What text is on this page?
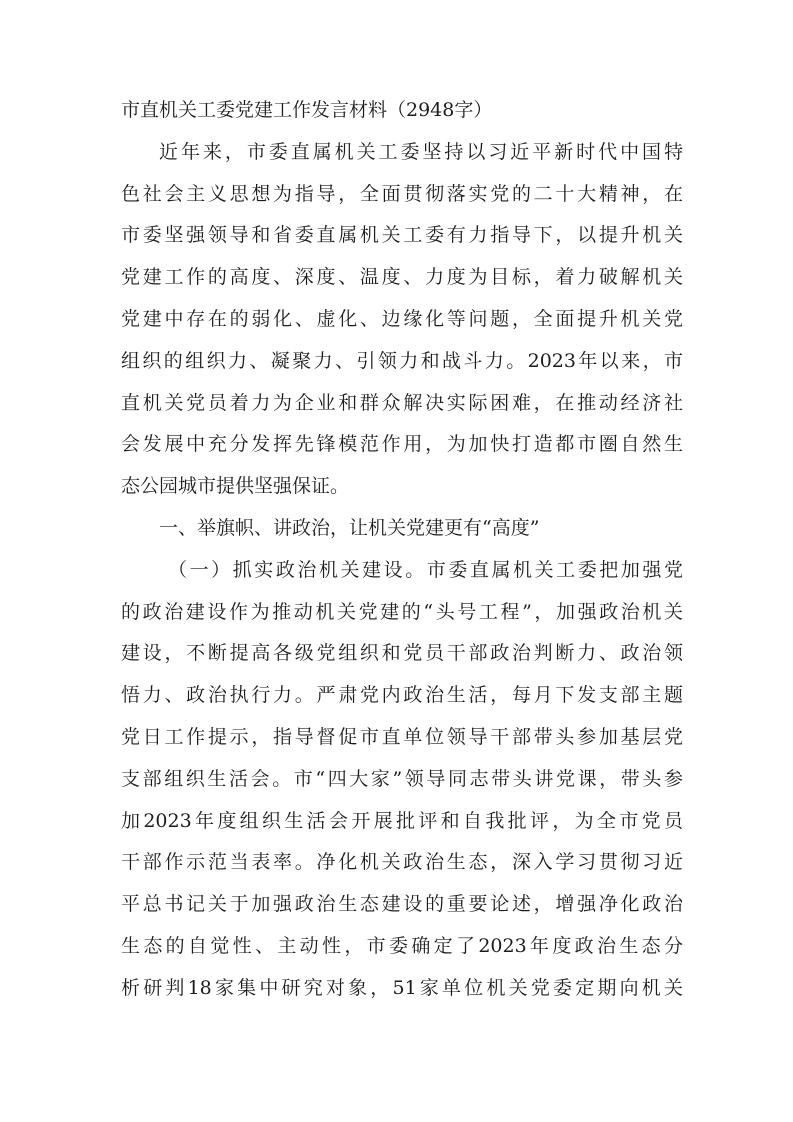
市直机关工委党建工作发言材料（2948字）
近年来，市委直属机关工委坚持以习近平新时代中国特
色社会主义思想为指导，全面贯彻落实党的二十大精神，在
市委坚强领导和省委直属机关工委有力指导下，以提升机关
党建工作的高度、深度、温度、力度为目标，着力破解机关
党建中存在的弱化、虚化、边缘化等问题，全面提升机关党
组织的组织力、凝聚力、引领力和战斗力。2023年以来，市
直机关党员着力为企业和群众解决实际困难，在推动经济社
会发展中充分发挥先锋模范作用，为加快打造都市圈自然生
态公园城市提供坚强保证。
一、举旗帜、讲政治，让机关党建更有“高度”
（一）抓实政治机关建设。市委直属机关工委把加强党
的政治建设作为推动机关党建的“头号工程”，加强政治机关
建设，不断提高各级党组织和党员干部政治判断力、政治领
悟力、政治执行力。严肃党内政治生活，每月下发支部主题
党日工作提示，指导督促市直单位领导干部带头参加基层党
支部组织生活会。市“四大家”领导同志带头讲党课，带头参
加2023年度组织生活会开展批评和自我批评，为全市党员
干部作示范当表率。净化机关政治生态，深入学习贯彻习近
平总书记关于加强政治生态建设的重要论述，增强净化政治
生态的自觉性、主动性，市委确定了2023年度政治生态分
析研判18家集中研究对象，51家单位机关党委定期向机关
